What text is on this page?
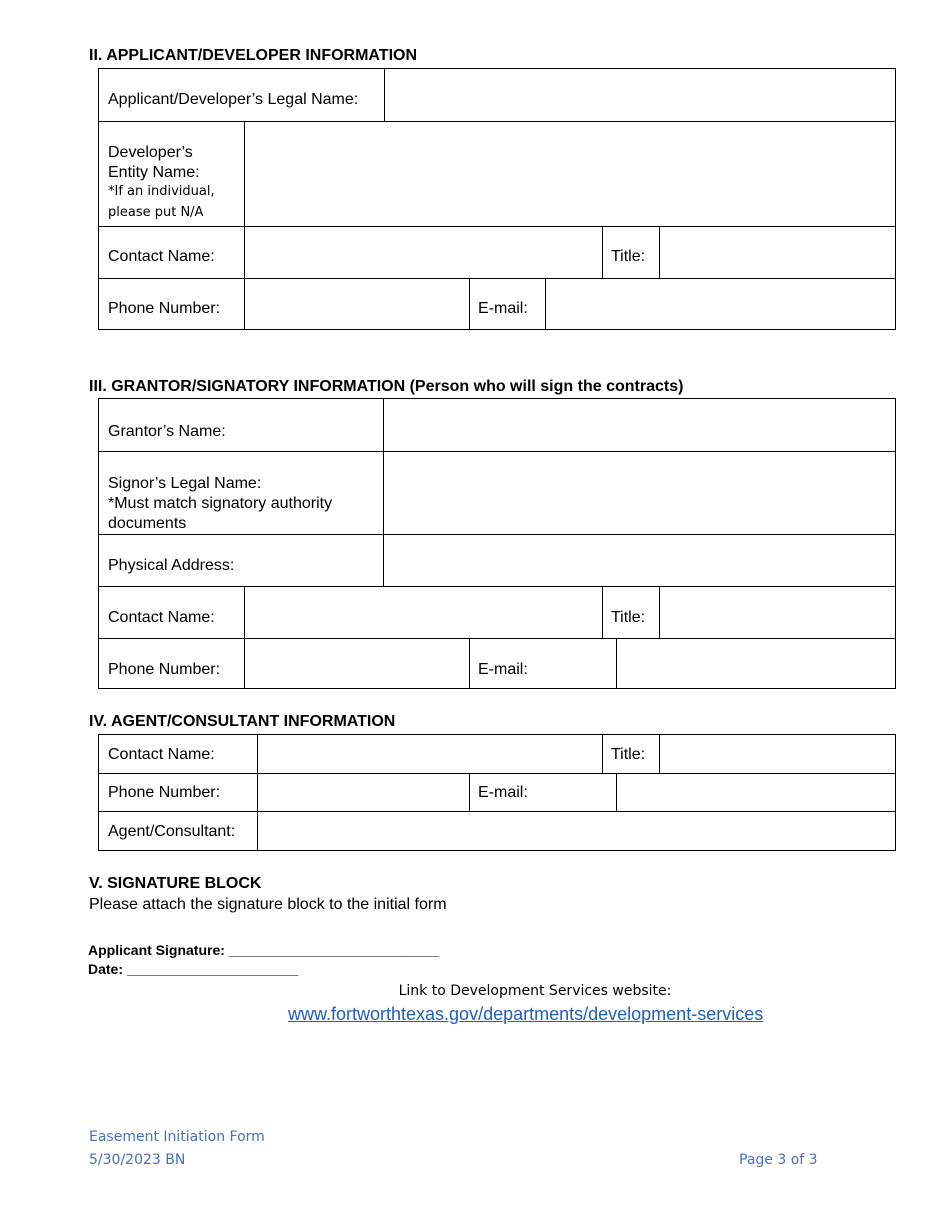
II. APPLICANT/DEVELOPER INFORMATION
Applicant/Developer’s Legal Name:
Developer’s
Entity Name:
*If an individual,
please put N/A
Contact Name:	Title:
Phone Number:	E-mail:
III. GRANTOR/SIGNATORY INFORMATION (Person who will sign the contracts)
Grantor’s Name:
Signor’s Legal Name:
*Must match signatory authority
documents
Physical Address:
Contact Name:	Title:
Phone Number:	E-mail:
IV. AGENT/CONSULTANT INFORMATION
Contact Name:	Title:
Phone Number:	E-mail:
Agent/Consultant:
V. SIGNATURE BLOCK
Please attach the signature block to the initial form
Applicant Signature: ___________________________
Date: ______________________
Link to Development Services website:
www.fortworthtexas.gov/departments/development-services
Easement Initiation Form
5/30/2023 BN	Page 3 of 3
